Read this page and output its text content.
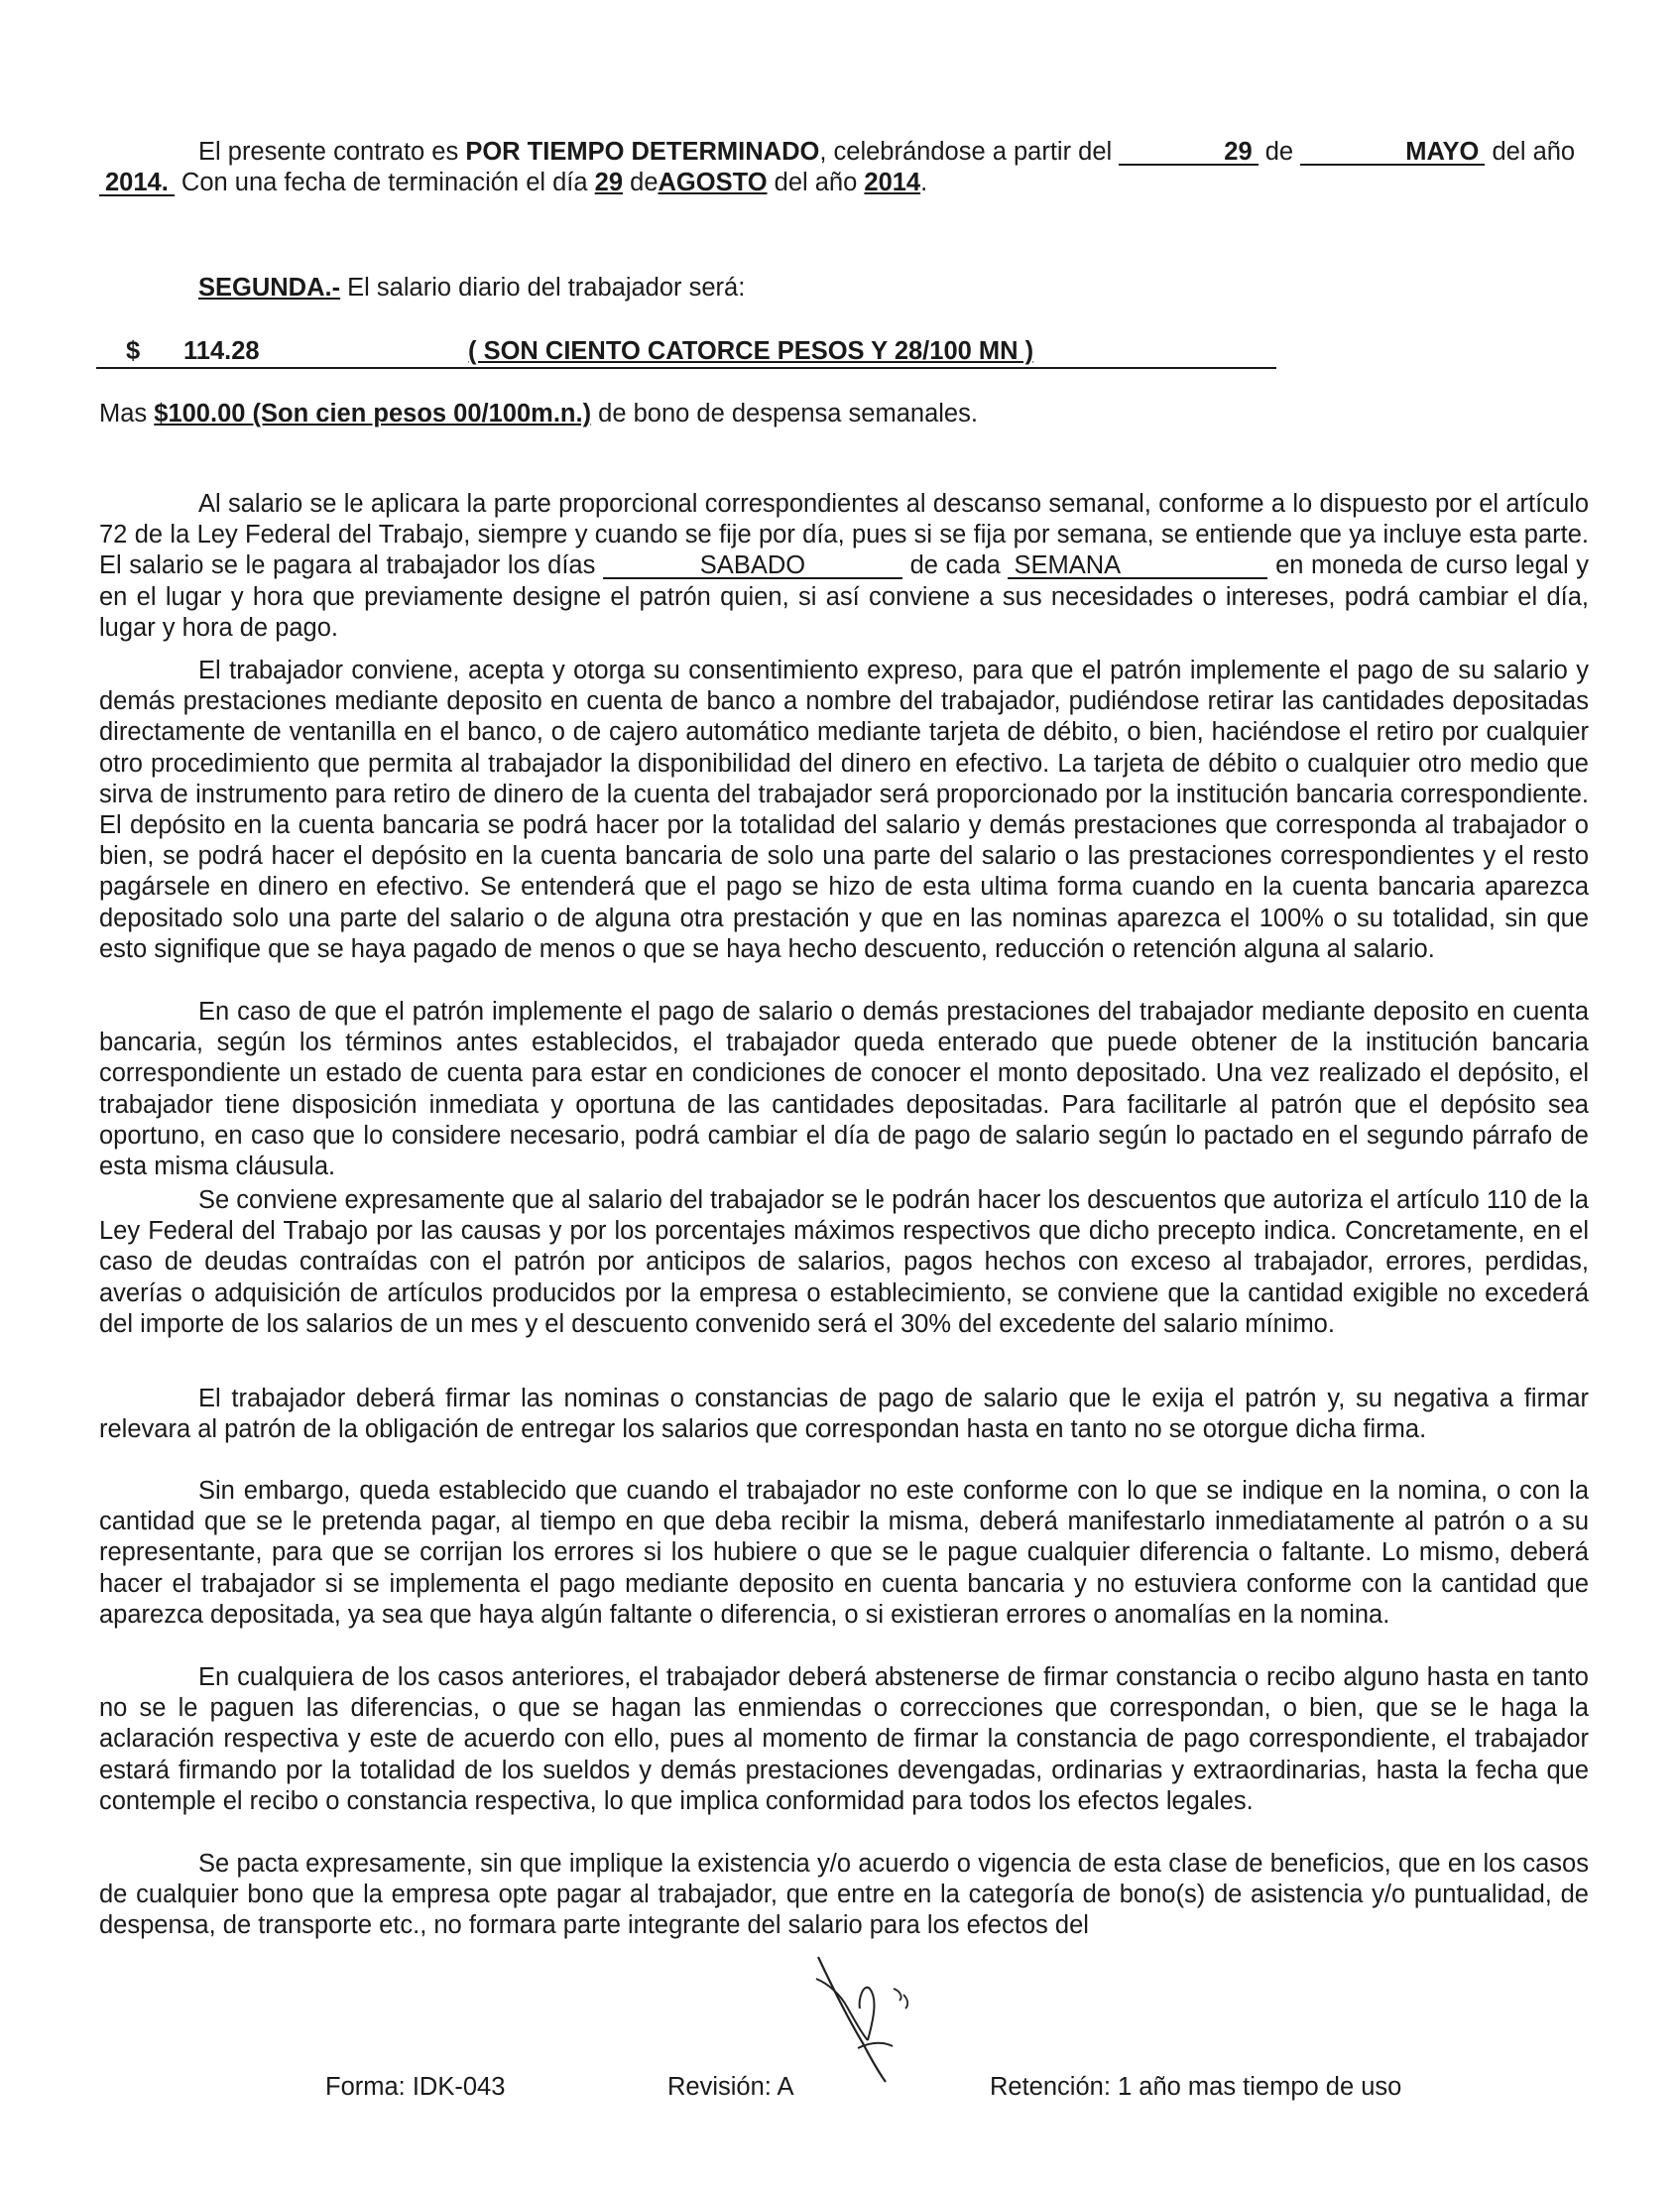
El presente contrato es POR TIEMPO DETERMINADO, celebrándose a partir del	29 de	MAYO del año
2014. Con una fecha de terminación el día 29 deAGOSTO del año 2014.
SEGUNDA.- El salario diario del trabajador será:
$ 114.28	( SON CIENTO CATORCE PESOS Y 28/100 MN )
Mas $100.00 (Son cien pesos 00/100m.n.) de bono de despensa semanales.
Al salario se le aplicara la parte proporcional correspondientes al descanso semanal, conforme a lo dispuesto por el artículo 72 de la Ley Federal del Trabajo, siempre y cuando se fije por día, pues si se fija por semana, se entiende que ya incluye esta parte. El salario se le pagara al trabajador los días	SABADO	de cada SEMANA	en moneda de curso legal y en el lugar y hora que previamente designe el patrón quien, si así conviene a sus necesidades o intereses, podrá cambiar el día, lugar y hora de pago.
El trabajador conviene, acepta y otorga su consentimiento expreso, para que el patrón implemente el pago de su salario y demás prestaciones mediante deposito en cuenta de banco a nombre del trabajador, pudiéndose retirar las cantidades depositadas directamente de ventanilla en el banco, o de cajero automático mediante tarjeta de débito, o bien, haciéndose el retiro por cualquier otro procedimiento que permita al trabajador la disponibilidad del dinero en efectivo. La tarjeta de débito o cualquier otro medio que sirva de instrumento para retiro de dinero de la cuenta del trabajador será proporcionado por la institución bancaria correspondiente. El depósito en la cuenta bancaria se podrá hacer por la totalidad del salario y demás prestaciones que corresponda al trabajador o bien, se podrá hacer el depósito en la cuenta bancaria de solo una parte del salario o las prestaciones correspondientes y el resto pagársele en dinero en efectivo. Se entenderá que el pago se hizo de esta ultima forma cuando en la cuenta bancaria aparezca depositado solo una parte del salario o de alguna otra prestación y que en las nominas aparezca el 100% o su totalidad, sin que esto signifique que se haya pagado de menos o que se haya hecho descuento, reducción o retención alguna al salario.
En caso de que el patrón implemente el pago de salario o demás prestaciones del trabajador mediante deposito en cuenta bancaria, según los términos antes establecidos, el trabajador queda enterado que puede obtener de la institución bancaria correspondiente un estado de cuenta para estar en condiciones de conocer el monto depositado. Una vez realizado el depósito, el trabajador tiene disposición inmediata y oportuna de las cantidades depositadas. Para facilitarle al patrón que el depósito sea oportuno, en caso que lo considere necesario, podrá cambiar el día de pago de salario según lo pactado en el segundo párrafo de esta misma cláusula.
Se conviene expresamente que al salario del trabajador se le podrán hacer los descuentos que autoriza el artículo 110 de la Ley Federal del Trabajo por las causas y por los porcentajes máximos respectivos que dicho precepto indica. Concretamente, en el caso de deudas contraídas con el patrón por anticipos de salarios, pagos hechos con exceso al trabajador, errores, perdidas, averías o adquisición de artículos producidos por la empresa o establecimiento, se conviene que la cantidad exigible no excederá del importe de los salarios de un mes y el descuento convenido será el 30% del excedente del salario mínimo.
El trabajador deberá firmar las nominas o constancias de pago de salario que le exija el patrón y, su negativa a firmar relevara al patrón de la obligación de entregar los salarios que correspondan hasta en tanto no se otorgue dicha firma.
Sin embargo, queda establecido que cuando el trabajador no este conforme con lo que se indique en la nomina, o con la cantidad que se le pretenda pagar, al tiempo en que deba recibir la misma, deberá manifestarlo inmediatamente al patrón o a su representante, para que se corrijan los errores si los hubiere o que se le pague cualquier diferencia o faltante. Lo mismo, deberá hacer el trabajador si se implementa el pago mediante deposito en cuenta bancaria y no estuviera conforme con la cantidad que aparezca depositada, ya sea que haya algún faltante o diferencia, o si existieran errores o anomalías en la nomina.
En cualquiera de los casos anteriores, el trabajador deberá abstenerse de firmar constancia o recibo alguno hasta en tanto no se le paguen las diferencias, o que se hagan las enmiendas o correcciones que correspondan, o bien, que se le haga la aclaración respectiva y este de acuerdo con ello, pues al momento de firmar la constancia de pago correspondiente, el trabajador estará firmando por la totalidad de los sueldos y demás prestaciones devengadas, ordinarias y extraordinarias, hasta la fecha que contemple el recibo o constancia respectiva, lo que implica conformidad para todos los efectos legales.
Se pacta expresamente, sin que implique la existencia y/o acuerdo o vigencia de esta clase de beneficios, que en los casos de cualquier bono que la empresa opte pagar al trabajador, que entre en la categoría de bono(s) de asistencia y/o puntualidad, de despensa, de transporte etc., no formara parte integrante del salario para los efectos del
Forma: IDK-043	Revisión: A	Retención: 1 año mas tiempo de uso
